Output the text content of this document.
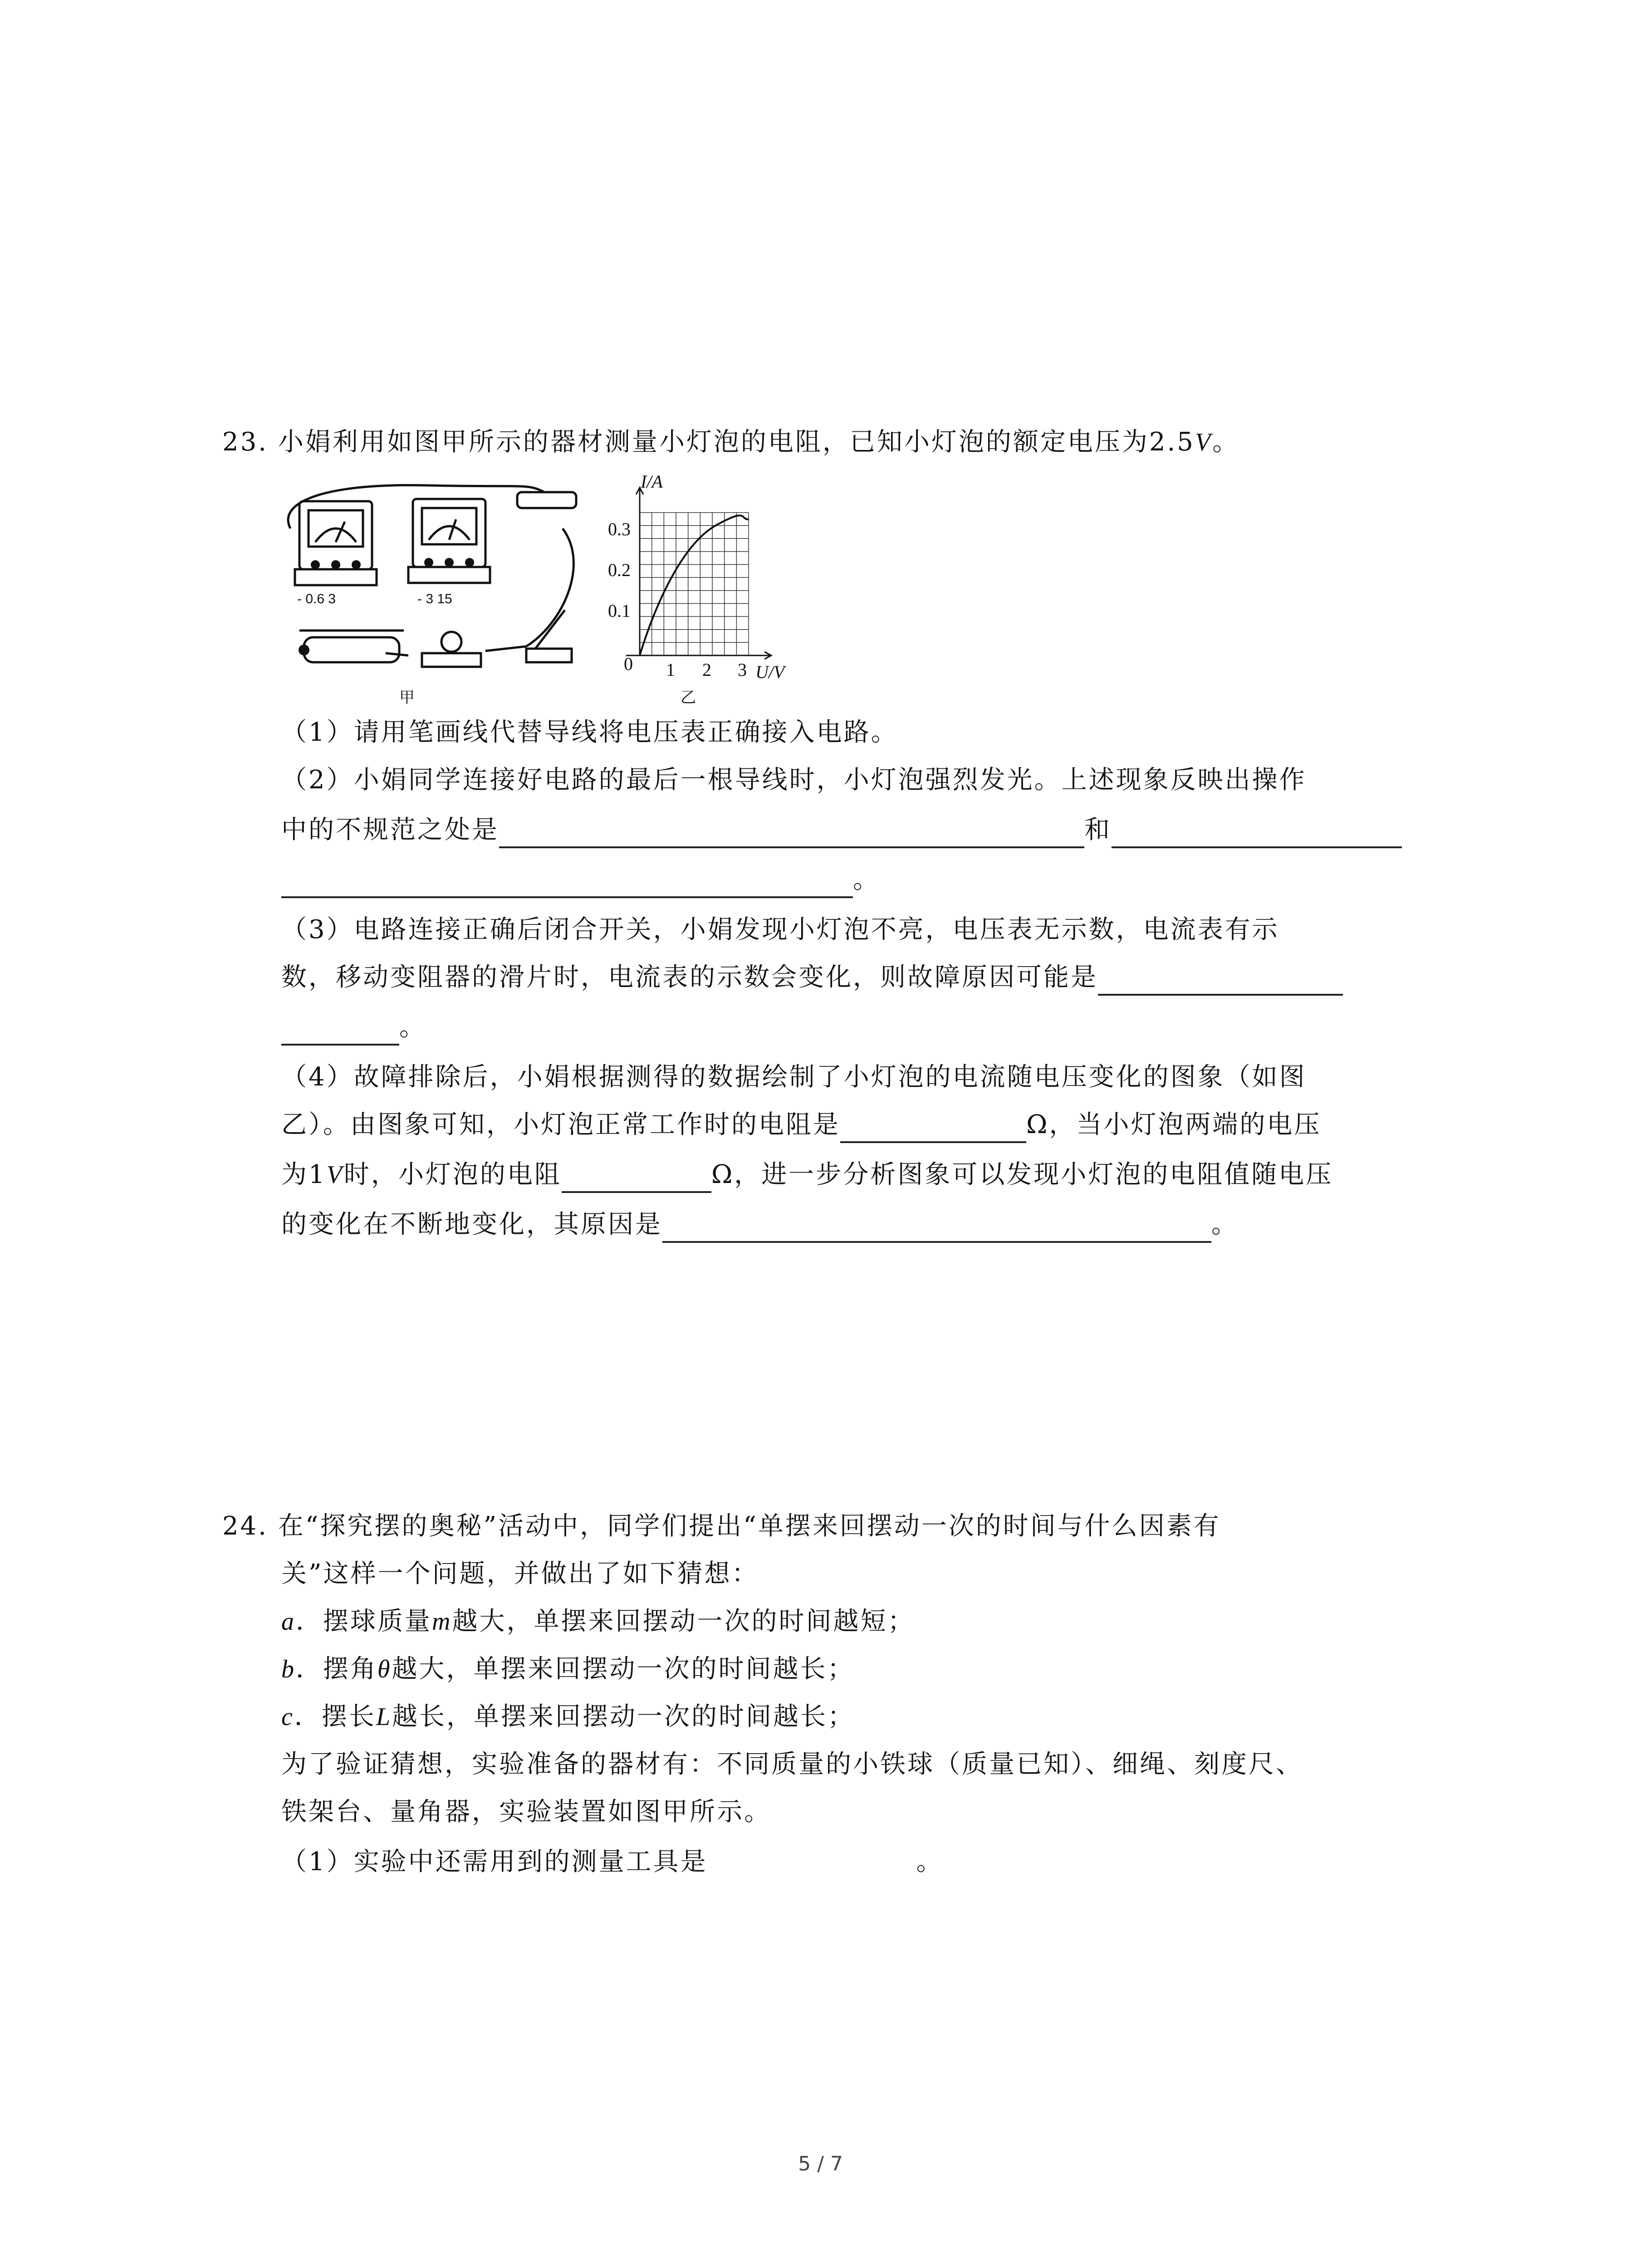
23. 小娟利用如图甲所示的器材测量小灯泡的电阻，已知小灯泡的额定电压为2.5V。
- 0.6 3	- 3 15
甲
I/A
U/V
0
0.1
0.2
0.3
1 2 3
乙
（1）请用笔画线代替导线将电压表正确接入电路。
（2）小娟同学连接好电路的最后一根导线时，小灯泡强烈发光。上述现象反映出操作
中的不规范之处是	和
。
（3）电路连接正确后闭合开关，小娟发现小灯泡不亮，电压表无示数，电流表有示
数，移动变阻器的滑片时，电流表的示数会变化，则故障原因可能是
。
（4）故障排除后，小娟根据测得的数据绘制了小灯泡的电流随电压变化的图象（如图
乙）。由图象可知，小灯泡正常工作时的电阻是	Ω，当小灯泡两端的电压
为1V时，小灯泡的电阻	Ω，进一步分析图象可以发现小灯泡的电阻值随电压
的变化在不断地变化，其原因是	。
24. 在“探究摆的奥秘”活动中，同学们提出“单摆来回摆动一次的时间与什么因素有
关”这样一个问题，并做出了如下猜想：
a．摆球质量m越大，单摆来回摆动一次的时间越短；
b．摆角θ越大，单摆来回摆动一次的时间越长；
c．摆长L越长，单摆来回摆动一次的时间越长；
为了验证猜想，实验准备的器材有：不同质量的小铁球（质量已知）、细绳、刻度尺、
铁架台、量角器，实验装置如图甲所示。
（1）实验中还需用到的测量工具是	。
5 / 7
